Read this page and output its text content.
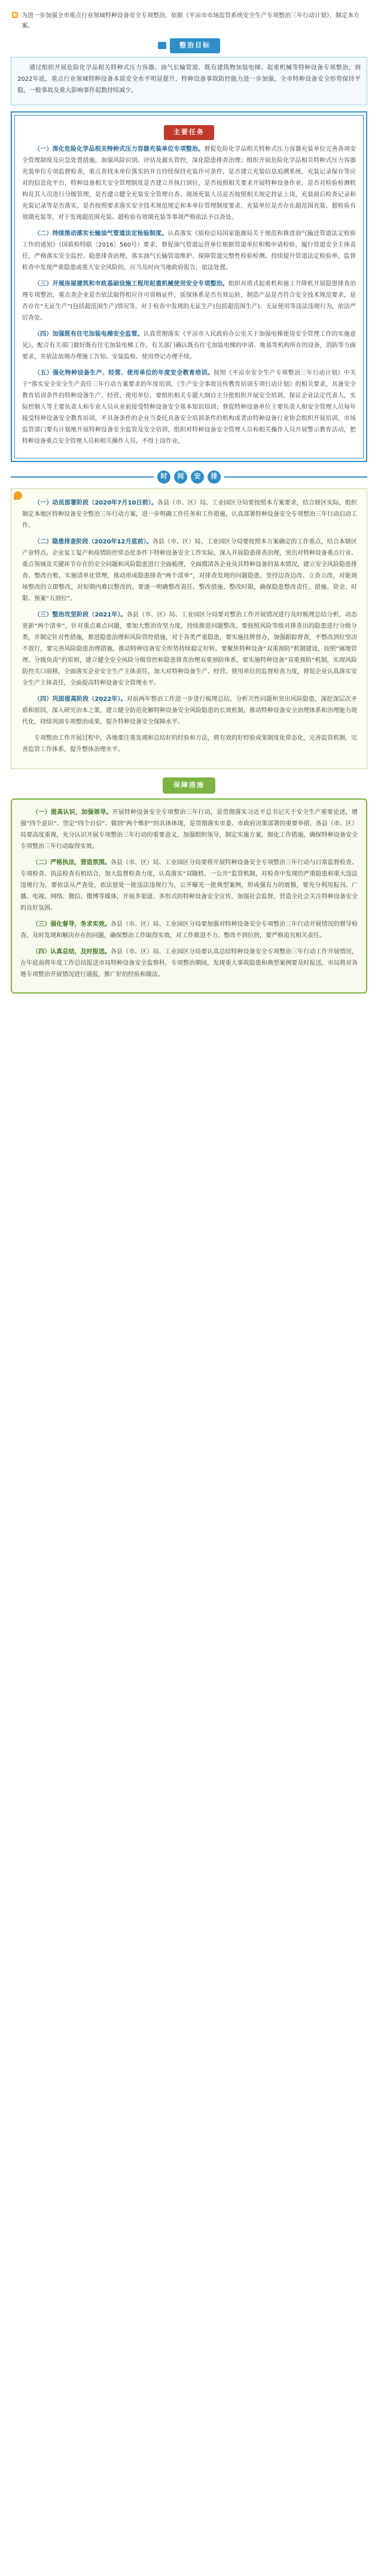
为进一步加强全市重点行业领域特种设备安全专项整治，依据《平凉市市场监管系统安全生产专项整治三年行动计划》，制定本方案。
整治目标

通过组织开展危险化学品相关特种式压力容器、油气长输管道、既有建筑物加装电梯、起重机械等特种设备专项整治，到2022年底，重点行业领域特种设备本质安全水平明显提升，特种设备事故防控能力进一步加强，全市特种设备安全形势保持平稳，一般事故及重大影响事件起数持续减少。

主要任务

（一）深化危险化学品相关特种式压力容器充装单位专项整治。督促危险化学品相关特种式压力容器充装单位完善各项安全管理制度及应急处置措施，加强风险识别、评估及源头管控，深化隐患排查治理；组织开展危险化学品相关特种式压力容器充装单位专项监督检查，重点查找未单位落实的并且持续保持充装许可条件，是否建立充装信息追溯系统，充装记录保存等应对的信息化平台，特种设备相关安全管理制度是否建立并执行到位，是否按照相关要求开展特种设备作业，是否对检验检测机构及其人员进行分级管理，是否建立健全充装安全管理自查、现场充装人员是否按照相关规定持证上岗，充装前后检查记录和充装记录等是否落实，是否按照要求落实安全技术规范规定和本单位管理制度要求，充装单位是否存在超范围充装、超检验有效期充装等，对于发现超范围充装、超检验有效期充装等事项严格依法予以查处。

（二）持续推动落实长输油气管道法定检验制度。认真落实《质检总局国家能源局关于规范和推进油气输送管道法定检验工作的通知》（国质检特联〔2016〕560号）要求，督促油气管道运营单位根据管道单位积极申请检验，履行管道安全主体责任，严格落实安全监控、隐患排查治理，落实油气长输管道维护、保障管道完整性检验检测、持续提升管道法定检验率，监督检查中发现严重隐患或重大安全风险的，应当及时向当地政府报告，依法处置。

（三）开展房屋建筑和市政基础设施工程用起重机械使用安全专项整治。组织对塔式起重机和施工升降机开展隐患排查治理专项整治，重点查企业是否依法取得相应许可资格证件，质保体系是否有效运转，制造产品是否符合安全技术规范要求，是否存在“无证生产”(包括超范围生产)情况等，对于检查中发现的无证生产(包括超范围生产)、无证使用等违法违规行为，依法严厉查处。

（四）加强既有住宅加装电梯安全监管。认真贯彻落实《平凉市人民政府办公室关于加强电梯使用安全管理工作的实施意见》，配合有关部门做好既有住宅加装电梯工作，有关部门确认既有住宅加装电梯的申请、地基等机构所在的设备，消防等方面要求，并依法依规办理施工告知、安装监检、使用登记办理手续。

（五）强化特种设备生产、经营、使用单位的年度安全教育培训。按照《平凉市安全生产专项整治三年行动计划》中关于“落实安全安全生产责任三年行动方案要求的年度培训，《生产安全事故宣传教育培训专项行动计划》的相关要求，具备安全教育培训条件的特种设备生产、经营、使用单位，要组织相关专题大纲自主分批组织开展安全培训，保证企业法定代表人，实际控制人等主要负责人和专业人员从业前接受特种设备安全基本知识培训；督促特种设备单位主要负责人和安全管理人员每年接受特种设备安全教育培训，不具备条件的企业当委托具备安全培训条件的机构或者由特种设备行业协会组织开展培训，市场监管部门要有计划地开展特种设备安全监管及安全培训，组织对特种设备安全管理人员和相关操作人员开展警示教育活动，把特种设备重点安全管理人员和相关操作人员，不得上岗作业。

时	间	安	排

（一）动员部署阶段（2020年7月10日前）。各县（市、区）局、工业园区分局要按照本方案要求，结合辖区实际，组织制定本地区特种设备安全整治三年行动方案，进一步明确工作任务和工作措施，认真部署特种设备安全专项整治三年行动启动工作。

（二）隐患排查阶段（2020年12月底前）。各县（市、区）局、工业园区分局要按照本方案确定的工作重点，结合本辖区产业特点、企业复工复产和疫情防控常态化条件下特种设备安全工作实际，深入开展隐患排查治理，突出对特种设备重点行业、重点领域及关键环节存在的安全问题和风险隐患进行全面梳理，全面摸清各企业及其特种设备的基本情况，建立安全风险隐患排查、整改台账，实施清单化管理，推动形成隐患排查“两个清单”，对排查发现的问题隐患，坚持边查边改、立查立改，对能现场整改的立即整改，对短期内难以整改的，要逐一明确整改责任、整改措施、整改时限，确保隐患整改责任、措施、资金、时限、预案“五到位”。

（三）整治攻坚阶段（2021年）。各县（市、区）局、工业园区分局要对整治工作开展情况进行及时梳理总结分析，动态更新“两个清单”，针对重点难点问题，要加大整治攻坚力度，持续推进问题整改。要按照风险等级对排查出的隐患进行分级分类，并制定针对性措施，推进隐患治理和风险管控措施，对于各类严重隐患，要实施挂牌督办，加强跟踪督查，不整改到位坚决不放行，要完善风险隐患治理措施，推动特种设备安全形势持续稳定好转。要聚焦特种设备“双重预防”机制建设，按照“属地管理、分级负责”的原则，建立健全安全风险分级管控和隐患排查治理双重预防体系，要实施特种设备“双重预防”机制，实现风险防控关口前移，全面落实企业安全生产主体责任，加大对特种设备生产、经营、使用单位的监督检查力度，督促企业认真落实安全生产主体责任，全面提高特种设备安全管理水平。

（四）巩固提高阶段（2022年）。对前两年整治工作进一步进行梳理总结，分析共性问题和突出风险隐患，深挖深层次矛盾和原因，深入研究治本之策，建立健全防范化解特种设备安全风险隐患的长效机制，推动特种设备安全治理体系和治理能力现代化，持续巩固专项整治成果，提升特种设备安全保障水平。

专项整治工作开展过程中，各地要注重发现和总结好的经验和方法，将有效的好经验成果制度化常态化，完善监管机制，完善监管工作体系，提升整体治理水平。

保障措施

（一）提高认识，加强领导。开展特种设备安全专项整治三年行动，是贯彻落实习近平总书记关于安全生产重要论述，增强“四个意识”、坚定“四个自信”、做到“两个维护”的具体体现，是贯彻落实市委、市政府决策部署的重要举措，各县（市、区）局要高度重视，充分认识开展专项整治三年行动的重要意义，加强组织领导，制定实施方案，细化工作措施，确保特种设备安全专项整治三年行动取得实效。

（二）严格执法，营造氛围。各县（市、区）局、工业园区分局要将开展特种设备安全专项整治三年行动与日常监督检查、专项检查、执法检查有机结合，加大监督检查力度，认真落实“双随机、一公开”监管机制，对检查中发现的严重隐患和重大违法违规行为，要依法从严查处，依法惩处一批违法违规行为，公开曝光一批典型案例，形成强有力的震慑，要充分利用报刊、广播、电视、网络、微信、微博等媒体，开展多渠道、多形式的特种设备安全宣传，加强社会监督，营造全社会关注特种设备安全的良好氛围。

（三）强化督导，务求实效。各县（市、区）局、工业园区分局要加强对特种设备安全专项整治三年行动开展情况的督导检查，及时发现和解决存在的问题，确保整治工作取得实效，对工作推进不力、整改不到位的，要严格追究相关责任。

（四）认真总结，及时报送。各县（市、区）局、工业园区分局要认真总结特种设备安全专项整治三年行动工作开展情况，在年底前将年度工作总结报送市局特种设备安全监察科，专项整治期间，发现重大事故隐患和典型案例要及时报送，市局将对各地专项整治开展情况进行通报，推广好的经验和做法。
